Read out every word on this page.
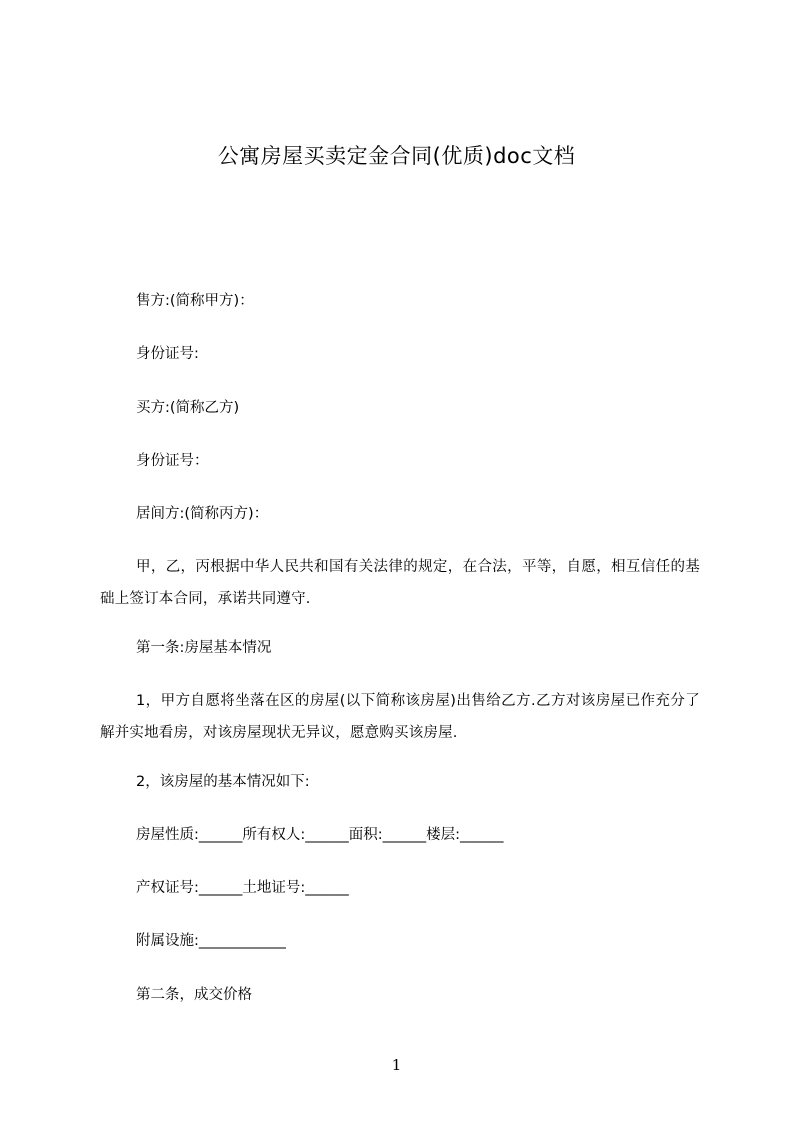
公寓房屋买卖定金合同(优质)doc文档
售方:(简称甲方)：
身份证号:
买方:(简称乙方)
身份证号：
居间方:(简称丙方)：
甲，乙，丙根据中华人民共和国有关法律的规定，在合法，平等，自愿，相互信任的基础上签订本合同，承诺共同遵守.
第一条:房屋基本情况
1，甲方自愿将坐落在区的房屋(以下简称该房屋)出售给乙方.乙方对该房屋已作充分了解并实地看房，对该房屋现状无异议，愿意购买该房屋.
2，该房屋的基本情况如下:
房屋性质:______所有权人:______面积:______楼层:______
产权证号:______土地证号:______
附属设施:____________
第二条，成交价格
1
